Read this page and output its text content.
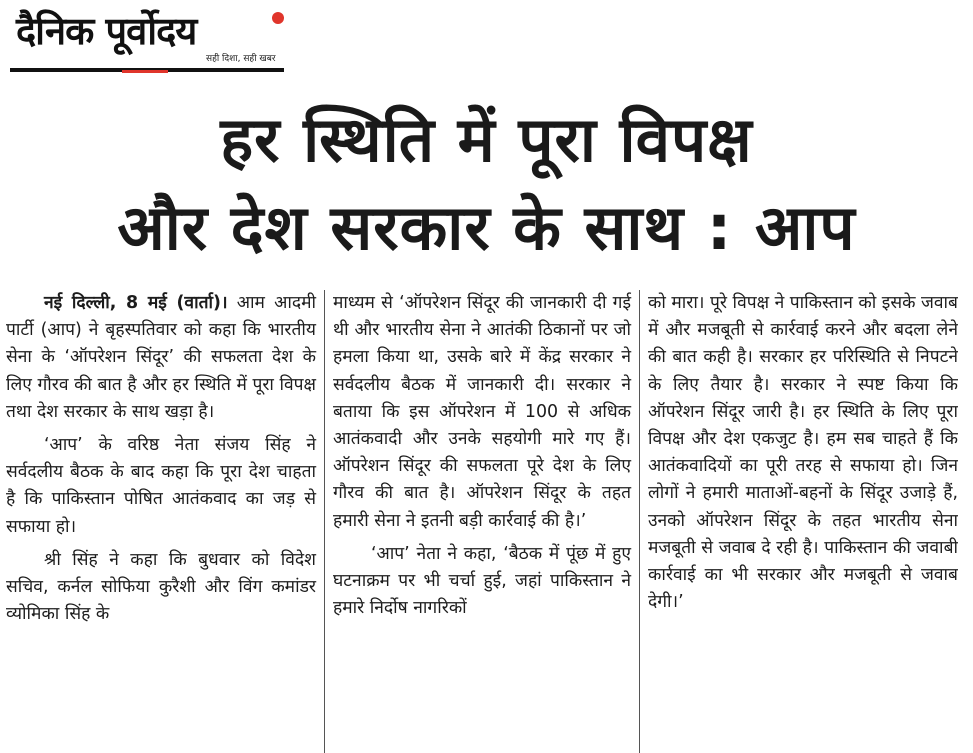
दैनिक पूर्वोदय
सही दिशा, सही खबर
हर स्थिति में पूरा विपक्ष
और देश सरकार के साथ : आप

नई दिल्ली, 8 मई (वार्ता)। आम आदमी पार्टी (आप) ने बृहस्पतिवार को कहा कि भारतीय सेना के ‘ऑपरेशन सिंदूर’ की सफलता देश के लिए गौरव की बात है और हर स्थिति में पूरा विपक्ष तथा देश सरकार के साथ खड़ा है।

‘आप’ के वरिष्ठ नेता संजय सिंह ने सर्वदलीय बैठक के बाद कहा कि पूरा देश चाहता है कि पाकिस्तान पोषित आतंकवाद का जड़ से सफाया हो।

श्री सिंह ने कहा कि बुधवार को विदेश सचिव, कर्नल सोफिया कुरैशी और विंग कमांडर व्योमिका सिंह के

माध्यम से ‘ऑपरेशन सिंदूर की जानकारी दी गई थी और भारतीय सेना ने आतंकी ठिकानों पर जो हमला किया था, उसके बारे में केंद्र सरकार ने सर्वदलीय बैठक में जानकारी दी। सरकार ने बताया कि इस ऑपरेशन में 100 से अधिक आतंकवादी और उनके सहयोगी मारे गए हैं। ऑपरेशन सिंदूर की सफलता पूरे देश के लिए गौरव की बात है। ऑपरेशन सिंदूर के तहत हमारी सेना ने इतनी बड़ी कार्रवाई की है।’

‘आप’ नेता ने कहा, ‘बैठक में पूंछ में हुए घटनाक्रम पर भी चर्चा हुई, जहां पाकिस्तान ने हमारे निर्दोष नागरिकों

को मारा। पूरे विपक्ष ने पाकिस्तान को इसके जवाब में और मजबूती से कार्रवाई करने और बदला लेने की बात कही है। सरकार हर परिस्थिति से निपटने के लिए तैयार है। सरकार ने स्पष्ट किया कि ऑपरेशन सिंदूर जारी है। हर स्थिति के लिए पूरा विपक्ष और देश एकजुट है। हम सब चाहते हैं कि आतंकवादियों का पूरी तरह से सफाया हो। जिन लोगों ने हमारी माताओं-बहनों के सिंदूर उजाड़े हैं, उनको ऑपरेशन सिंदूर के तहत भारतीय सेना मजबूती से जवाब दे रही है। पाकिस्तान की जवाबी कार्रवाई का भी सरकार और मजबूती से जवाब देगी।’
